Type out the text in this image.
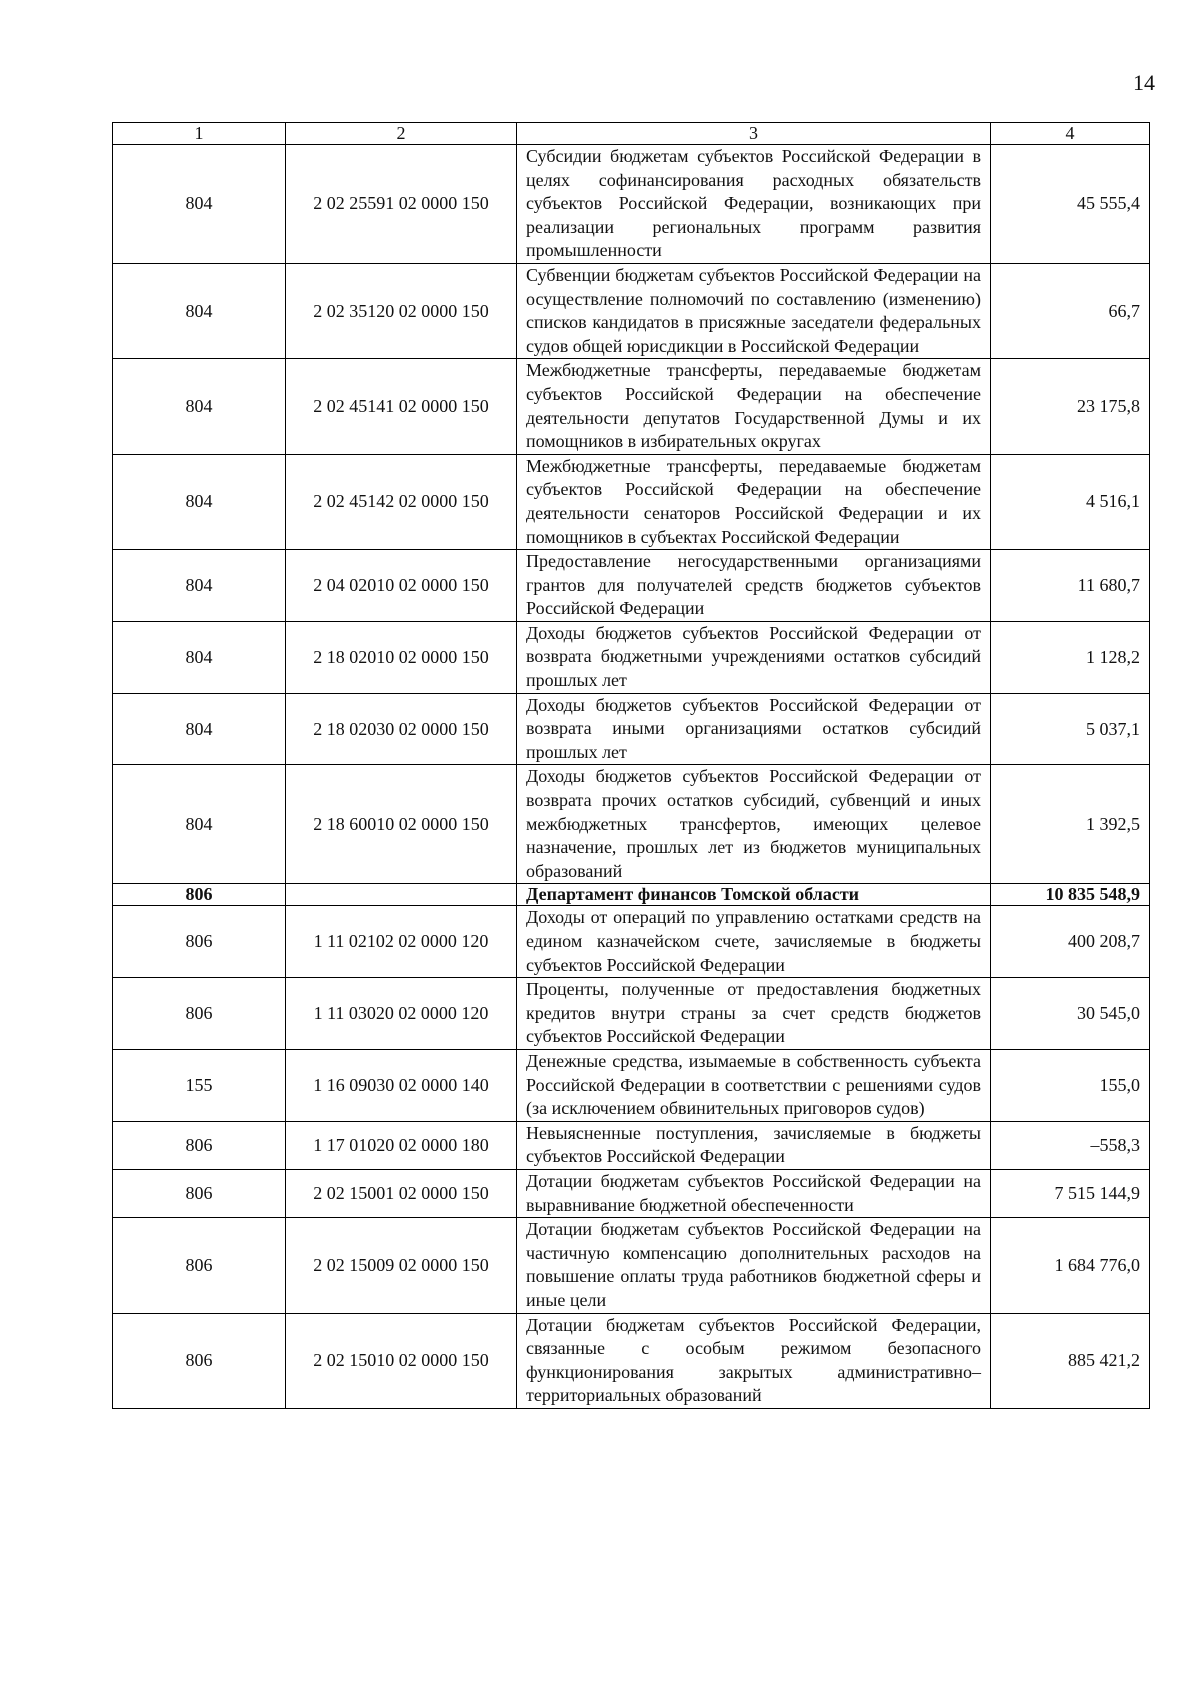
14
1	2	3	4
804	2 02 25591 02 0000 150	Субсидии бюджетам субъектов Российской Федерации в целях софинансирования расходных обязательств субъектов Российской Федерации, возникающих при реализации региональных программ развития промышленности	45 555,4
804	2 02 35120 02 0000 150	Субвенции бюджетам субъектов Российской Федерации на осуществление полномочий по составлению (изменению) списков кандидатов в присяжные заседатели федеральных судов общей юрисдикции в Российской Федерации	66,7
804	2 02 45141 02 0000 150	Межбюджетные трансферты, передаваемые бюджетам субъектов Российской Федерации на обеспечение деятельности депутатов Государственной Думы и их помощников в избирательных округах	23 175,8
804	2 02 45142 02 0000 150	Межбюджетные трансферты, передаваемые бюджетам субъектов Российской Федерации на обеспечение деятельности сенаторов Российской Федерации и их помощников в субъектах Российской Федерации	4 516,1
804	2 04 02010 02 0000 150	Предоставление негосударственными организациями грантов для получателей средств бюджетов субъектов Российской Федерации	11 680,7
804	2 18 02010 02 0000 150	Доходы бюджетов субъектов Российской Федерации от возврата бюджетными учреждениями остатков субсидий прошлых лет	1 128,2
804	2 18 02030 02 0000 150	Доходы бюджетов субъектов Российской Федерации от возврата иными организациями остатков субсидий прошлых лет	5 037,1
804	2 18 60010 02 0000 150	Доходы бюджетов субъектов Российской Федерации от возврата прочих остатков субсидий, субвенций и иных межбюджетных трансфертов, имеющих целевое назначение, прошлых лет из бюджетов муниципальных образований	1 392,5
806		Департамент финансов Томской области	10 835 548,9
806	1 11 02102 02 0000 120	Доходы от операций по управлению остатками средств на едином казначейском счете, зачисляемые в бюджеты субъектов Российской Федерации	400 208,7
806	1 11 03020 02 0000 120	Проценты, полученные от предоставления бюджетных кредитов внутри страны за счет средств бюджетов субъектов Российской Федерации	30 545,0
155	1 16 09030 02 0000 140	Денежные средства, изымаемые в собственность субъекта Российской Федерации в соответствии с решениями судов (за исключением обвинительных приговоров судов)	155,0
806	1 17 01020 02 0000 180	Невыясненные поступления, зачисляемые в бюджеты субъектов Российской Федерации	–558,3
806	2 02 15001 02 0000 150	Дотации бюджетам субъектов Российской Федерации на выравнивание бюджетной обеспеченности	7 515 144,9
806	2 02 15009 02 0000 150	Дотации бюджетам субъектов Российской Федерации на частичную компенсацию дополнительных расходов на повышение оплаты труда работников бюджетной сферы и иные цели	1 684 776,0
806	2 02 15010 02 0000 150	Дотации бюджетам субъектов Российской Федерации, связанные с особым режимом безопасного функционирования закрытых административно–территориальных образований	885 421,2
